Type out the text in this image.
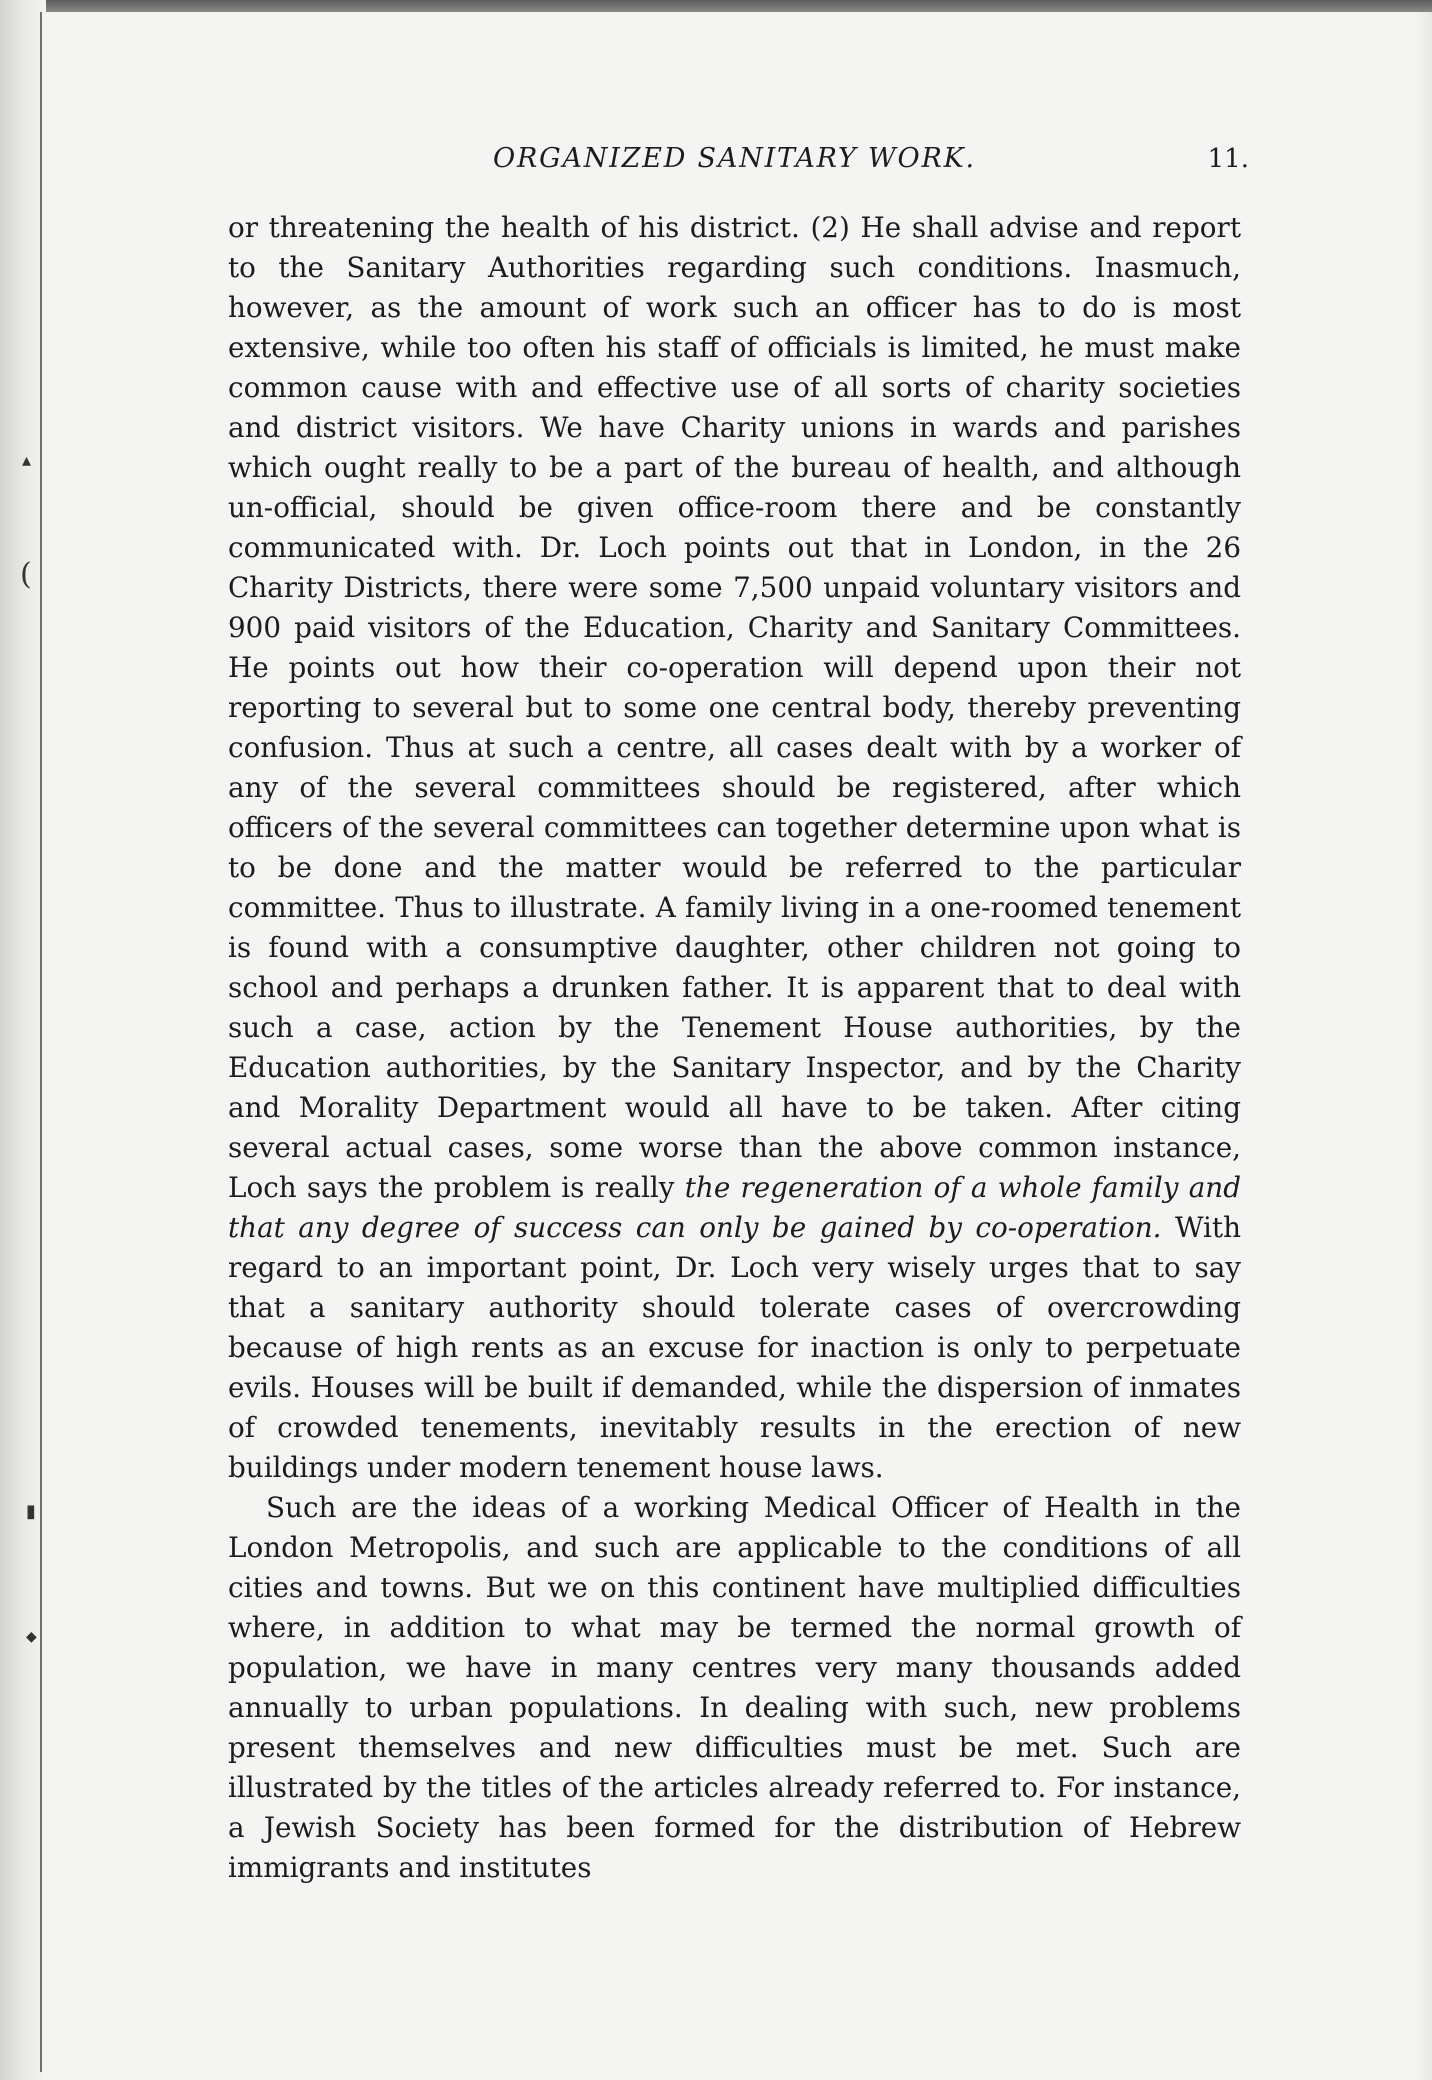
▴
​(
▮
◆
ORGANIZED SANITARY WORK.	11.

or threatening the health of his district. (2) He shall advise and report to the Sanitary Authorities regarding such conditions. Inasmuch, however, as the amount of work such an officer has to do is most extensive, while too often his staff of officials is limited, he must make common cause with and effective use of all sorts of charity societies and district visitors. We have Charity unions in wards and parishes which ought really to be a part of the bureau of health, and although un-official, should be given office-room there and be constantly communicated with. Dr. Loch points out that in London, in the 26 Charity Districts, there were some 7,500 unpaid voluntary visitors and 900 paid visitors of the Education, Charity and Sanitary Committees. He points out how their co-operation will depend upon their not reporting to several but to some one central body, thereby preventing confusion. Thus at such a centre, all cases dealt with by a worker of any of the several committees should be registered, after which officers of the several committees can together determine upon what is to be done and the matter would be referred to the particular committee. Thus to illustrate. A family living in a one-roomed tenement is found with a consumptive daughter, other children not going to school and perhaps a drunken father. It is apparent that to deal with such a case, action by the Tenement House authorities, by the Education authorities, by the Sanitary Inspector, and by the Charity and Morality Department would all have to be taken. After citing several actual cases, some worse than the above common instance, Loch says the problem is really the regeneration of a whole family and that any degree of success can only be gained by co-operation. With regard to an important point, Dr. Loch very wisely urges that to say that a sanitary authority should tolerate cases of overcrowding because of high rents as an excuse for inaction is only to perpetuate evils. Houses will be built if demanded, while the dispersion of inmates of crowded tenements, inevitably results in the erection of new buildings under modern tenement house laws.

Such are the ideas of a working Medical Officer of Health in the London Metropolis, and such are applicable to the conditions of all cities and towns. But we on this continent have multiplied difficulties where, in addition to what may be termed the normal growth of population, we have in many centres very many thousands added annually to urban populations. In dealing with such, new problems present themselves and new difficulties must be met. Such are illustrated by the titles of the articles already referred to. For instance, a Jewish Society has been formed for the distribution of Hebrew immigrants and institutes
